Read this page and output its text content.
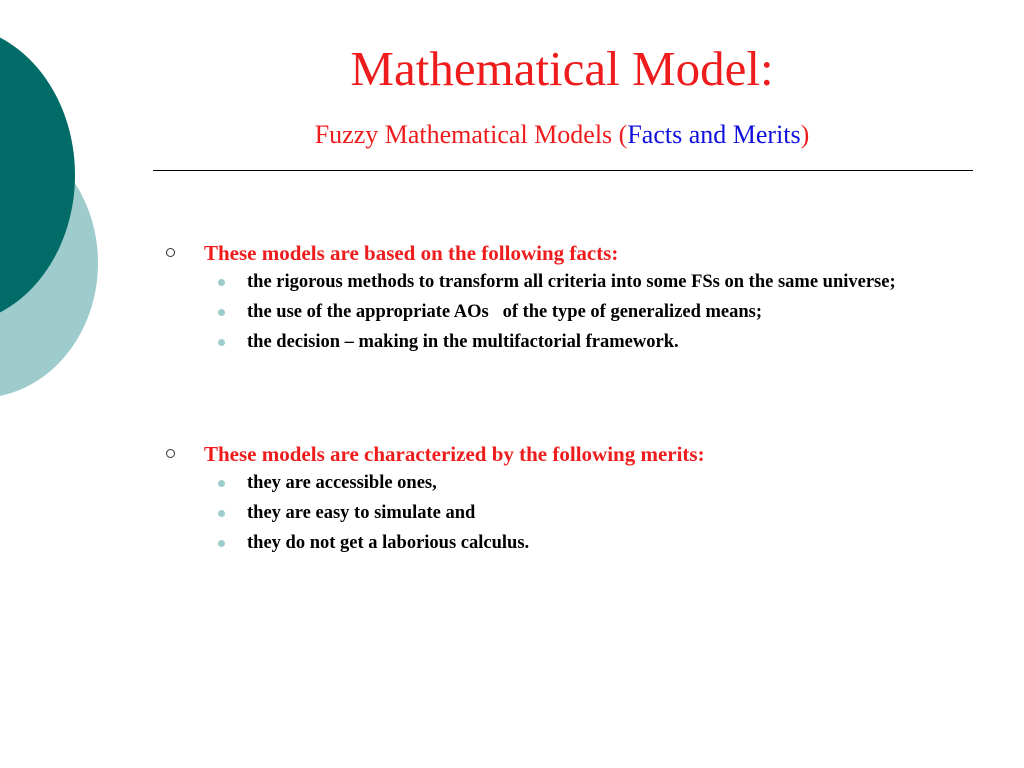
Mathematical Model:
Fuzzy Mathematical Models (Facts and Merits)
These models are based on the following facts:
the rigorous methods to transform all criteria into some FSs on the same universe;
the use of the appropriate AOs   of the type of generalized means;
the decision – making in the multifactorial framework.
These models are characterized by the following merits:
they are accessible ones,
they are easy to simulate and
they do not get a laborious calculus.
